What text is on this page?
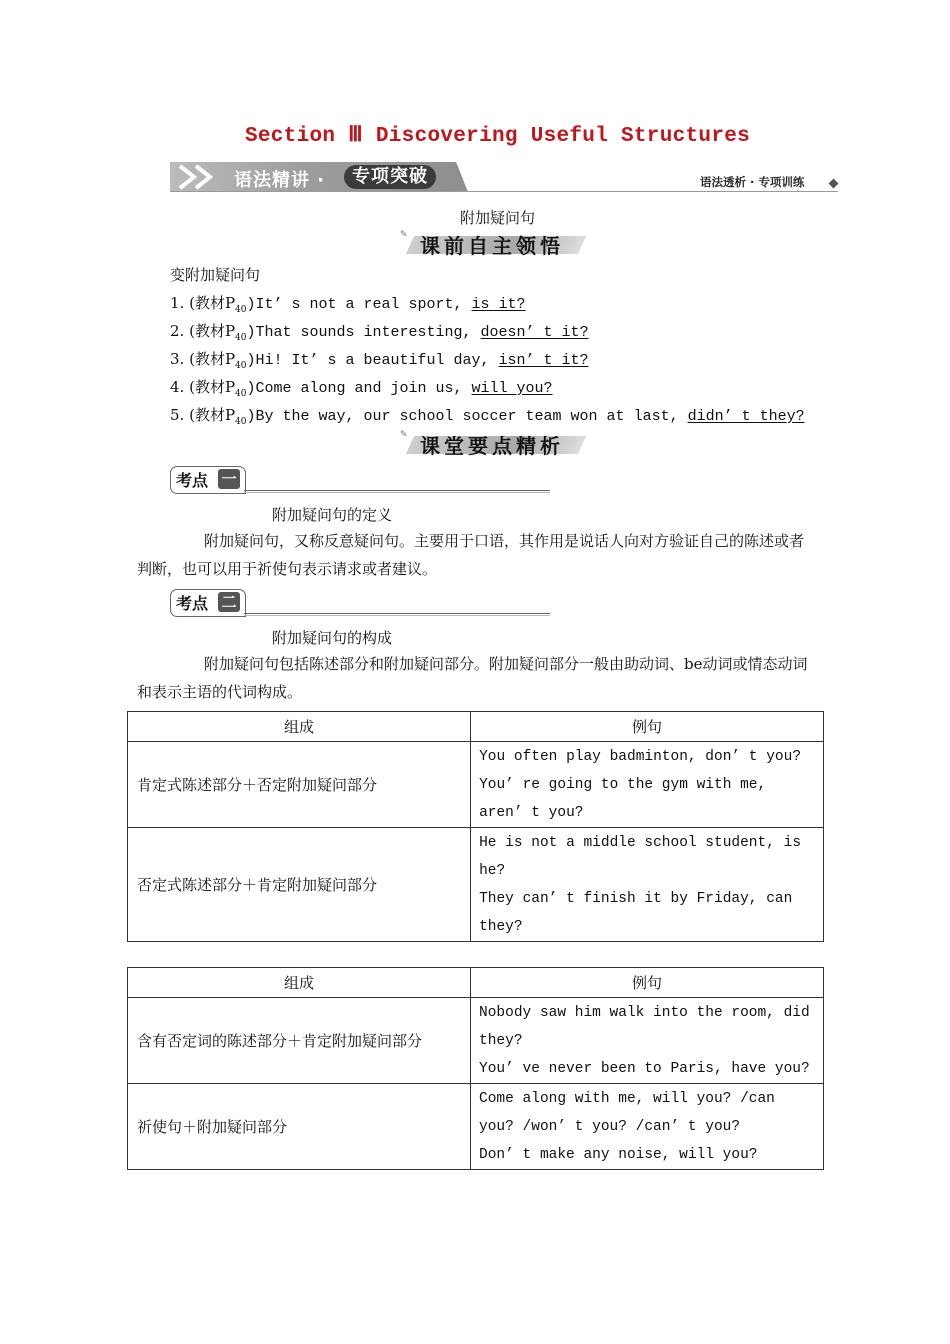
Section Ⅲ Discovering Useful Structures
语法精讲 ·	专项突破	语法透析 · 专项训练
附加疑问句
✎ 课前自主领悟
变附加疑问句
1. (教材$P_{40})It$’ s not a real sport, is it?
2. (教材$P_{40})That$ sounds interesting, doesn’ t it?
3. (教材$P_{40})Hi$! It’ s a beautiful day, isn’ t it?
4. (教材$P_{40})Come$ along and join us, will you?
5. (教材$P_{40})By$ the way, our school soccer team won at last, didn’ t they?
✎ 课堂要点精析
考点 一
附加疑问句的定义
附加疑问句，又称反意疑问句。主要用于口语，其作用是说话人向对方验证自己的陈述或者判断，也可以用于祈使句表示请求或者建议。
考点 二
附加疑问句的构成
附加疑问句包括陈述部分和附加疑问部分。附加疑问部分一般由助动词、be动词或情态动词和表示主语的代词构成。
组成	例句
肯定式陈述部分＋否定附加疑问部分	You often play badminton, don’ t you?
You’ re going to the gym with me,
aren’ t you?

否定式陈述部分＋肯定附加疑问部分	He is not a middle school student, is
he?
They can’ t finish it by Friday, can
they?
组成	例句
含有否定词的陈述部分＋肯定附加疑问部分	Nobody saw him walk into the room, did
they?
You’ ve never been to Paris, have you?

祈使句＋附加疑问部分	Come along with me, will you? /can
you? /won’ t you? /can’ t you?
Don’ t make any noise, will you?
